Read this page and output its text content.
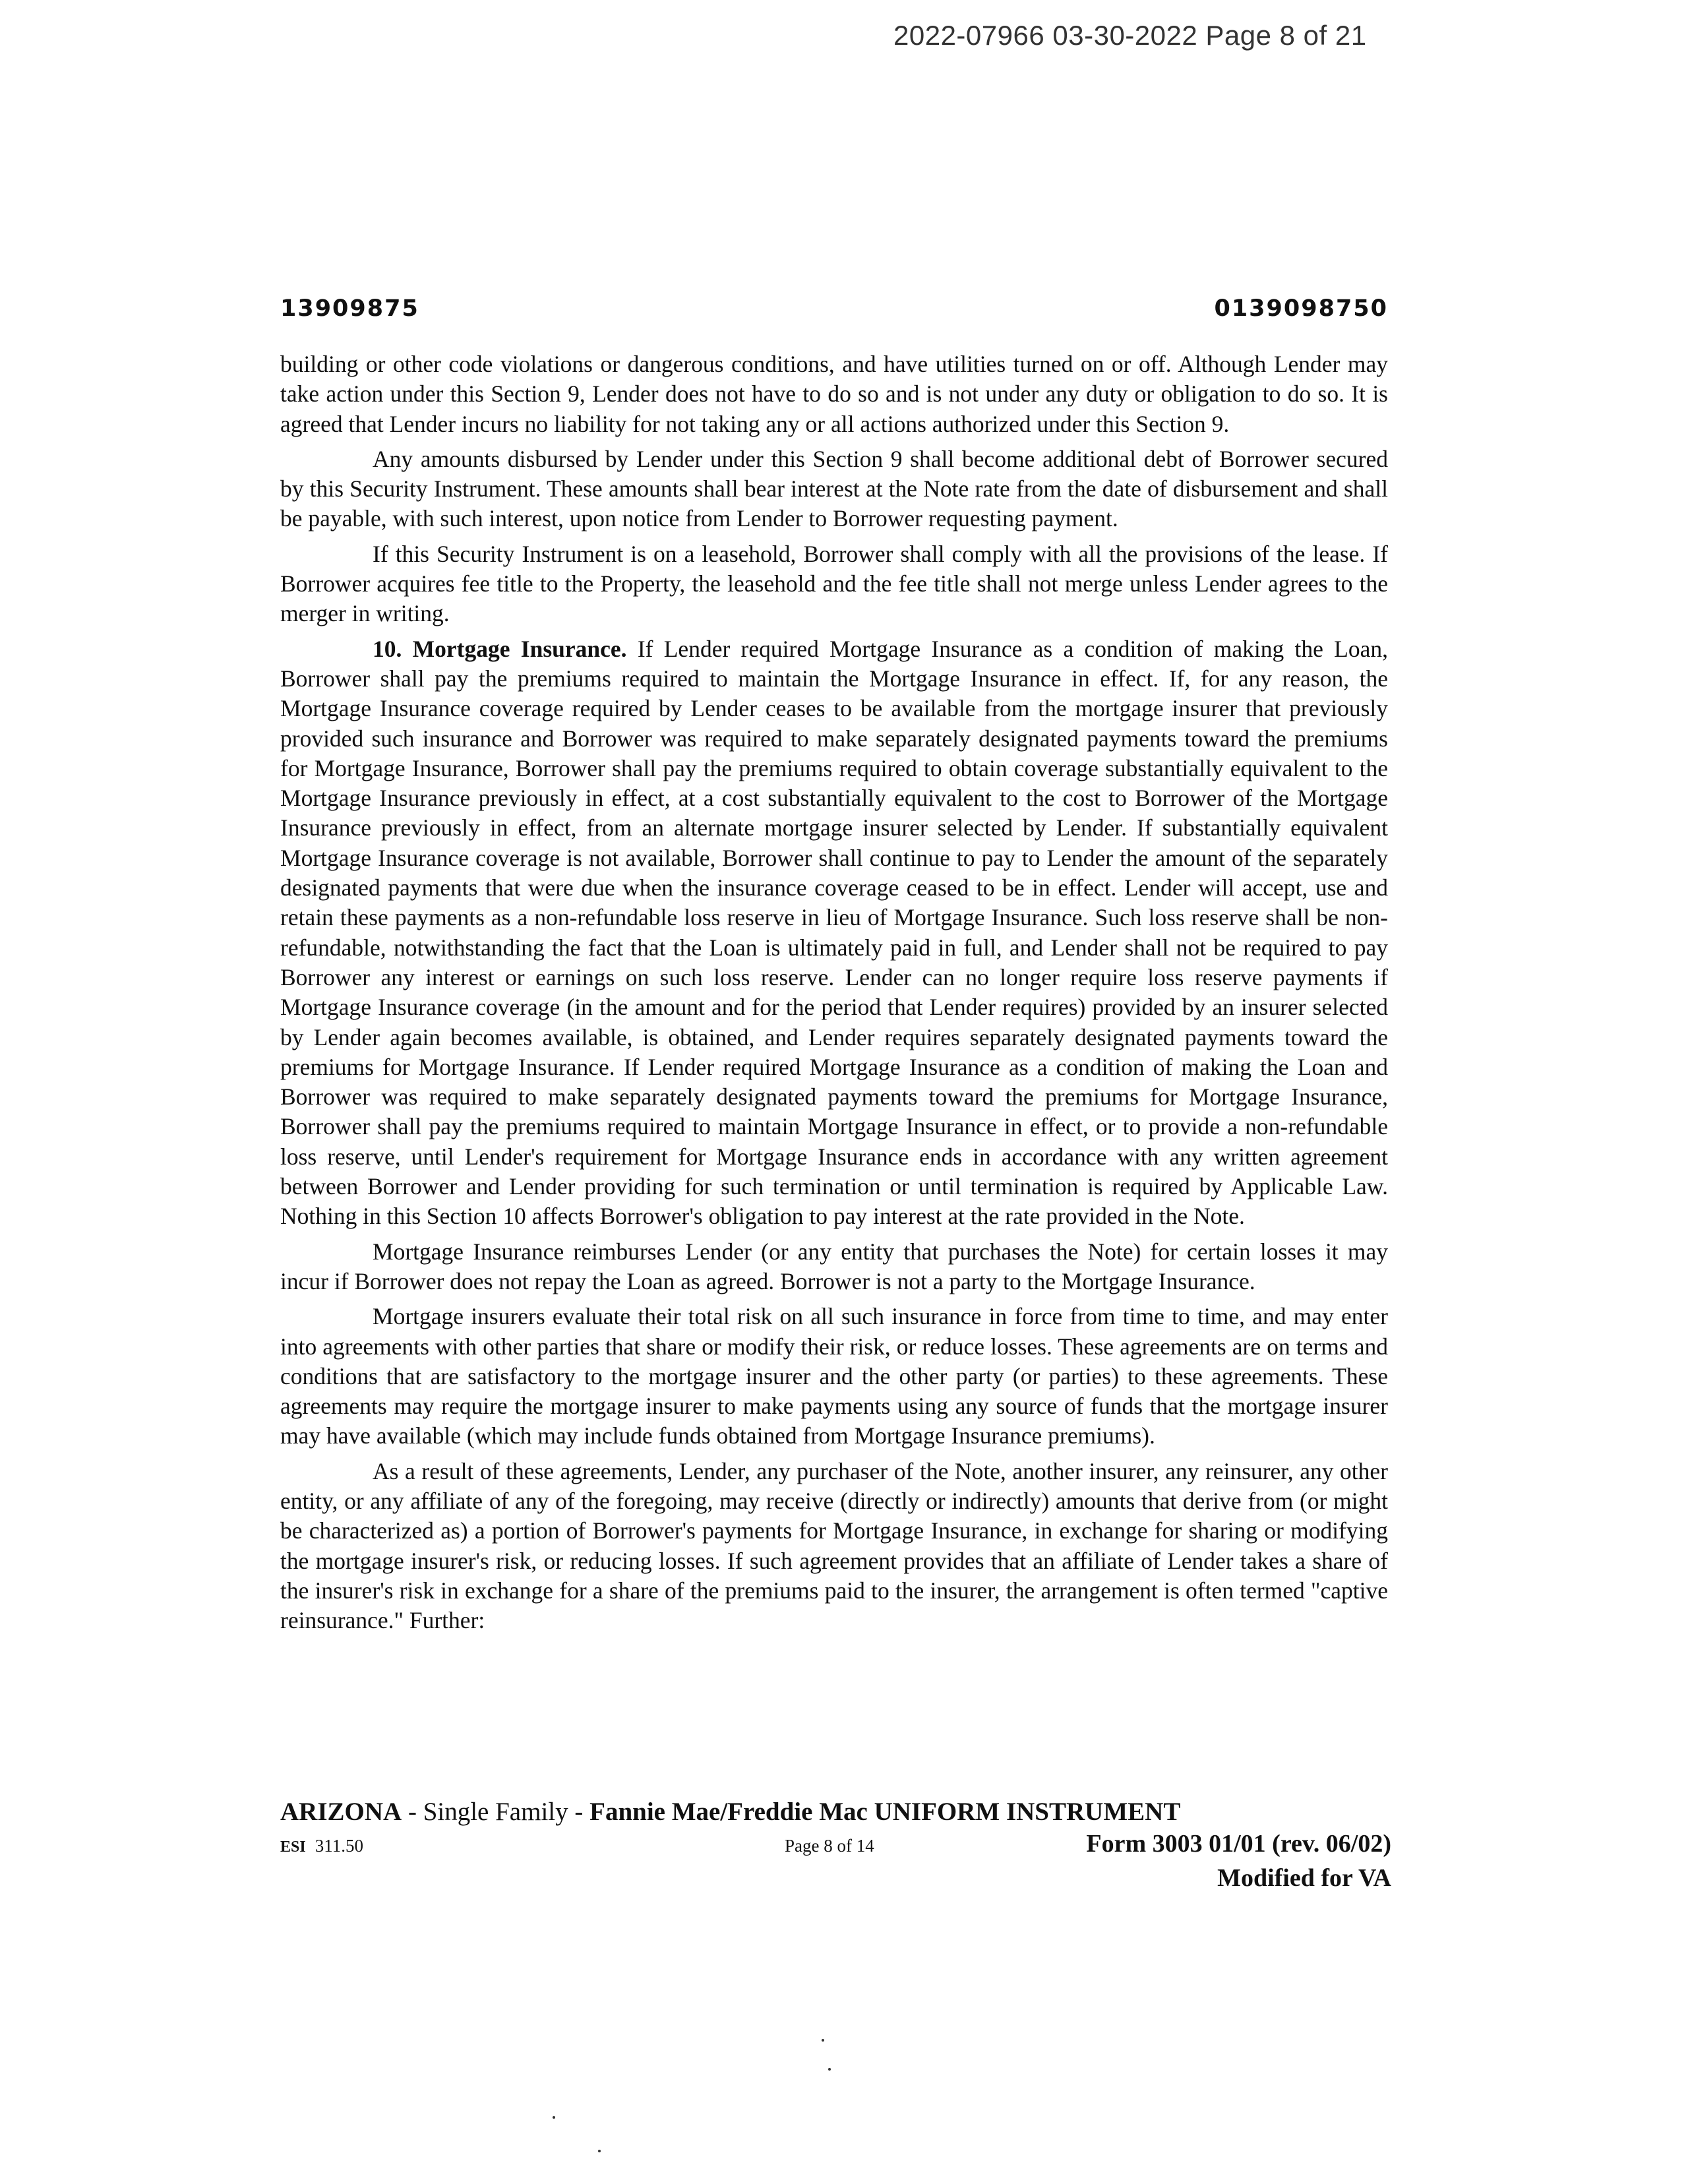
2022-07966 03-30-2022 Page 8 of 21
13909875	0139098750

building or other code violations or dangerous conditions, and have utilities turned on or off. Although Lender may take action under this Section 9, Lender does not have to do so and is not under any duty or obligation to do so. It is agreed that Lender incurs no liability for not taking any or all actions authorized under this Section 9.

Any amounts disbursed by Lender under this Section 9 shall become additional debt of Borrower secured by this Security Instrument. These amounts shall bear interest at the Note rate from the date of disbursement and shall be payable, with such interest, upon notice from Lender to Borrower requesting payment.

If this Security Instrument is on a leasehold, Borrower shall comply with all the provisions of the lease. If Borrower acquires fee title to the Property, the leasehold and the fee title shall not merge unless Lender agrees to the merger in writing.

10. Mortgage Insurance. If Lender required Mortgage Insurance as a condition of making the Loan, Borrower shall pay the premiums required to maintain the Mortgage Insurance in effect. If, for any reason, the Mortgage Insurance coverage required by Lender ceases to be available from the mortgage insurer that previously provided such insurance and Borrower was required to make separately designated payments toward the premiums for Mortgage Insurance, Borrower shall pay the premiums required to obtain coverage substantially equivalent to the Mortgage Insurance previously in effect, at a cost substantially equivalent to the cost to Borrower of the Mortgage Insurance previously in effect, from an alternate mortgage insurer selected by Lender. If substantially equivalent Mortgage Insurance coverage is not available, Borrower shall continue to pay to Lender the amount of the separately designated payments that were due when the insurance coverage ceased to be in effect. Lender will accept, use and retain these payments as a non-refundable loss reserve in lieu of Mortgage Insurance. Such loss reserve shall be non-refundable, notwithstanding the fact that the Loan is ultimately paid in full, and Lender shall not be required to pay Borrower any interest or earnings on such loss reserve. Lender can no longer require loss reserve payments if Mortgage Insurance coverage (in the amount and for the period that Lender requires) provided by an insurer selected by Lender again becomes available, is obtained, and Lender requires separately designated payments toward the premiums for Mortgage Insurance. If Lender required Mortgage Insurance as a condition of making the Loan and Borrower was required to make separately designated payments toward the premiums for Mortgage Insurance, Borrower shall pay the premiums required to maintain Mortgage Insurance in effect, or to provide a non-refundable loss reserve, until Lender's requirement for Mortgage Insurance ends in accordance with any written agreement between Borrower and Lender providing for such termination or until termination is required by Applicable Law. Nothing in this Section 10 affects Borrower's obligation to pay interest at the rate provided in the Note.

Mortgage Insurance reimburses Lender (or any entity that purchases the Note) for certain losses it may incur if Borrower does not repay the Loan as agreed. Borrower is not a party to the Mortgage Insurance.

Mortgage insurers evaluate their total risk on all such insurance in force from time to time, and may enter into agreements with other parties that share or modify their risk, or reduce losses. These agreements are on terms and conditions that are satisfactory to the mortgage insurer and the other party (or parties) to these agreements. These agreements may require the mortgage insurer to make payments using any source of funds that the mortgage insurer may have available (which may include funds obtained from Mortgage Insurance premiums).

As a result of these agreements, Lender, any purchaser of the Note, another insurer, any reinsurer, any other entity, or any affiliate of any of the foregoing, may receive (directly or indirectly) amounts that derive from (or might be characterized as) a portion of Borrower's payments for Mortgage Insurance, in exchange for sharing or modifying the mortgage insurer's risk, or reducing losses. If such agreement provides that an affiliate of Lender takes a share of the insurer's risk in exchange for a share of the premiums paid to the insurer, the arrangement is often termed "captive reinsurance." Further:

ARIZONA - Single Family - Fannie Mae/Freddie Mac UNIFORM INSTRUMENT
ESI 311.50	Page 8 of 14	Form 3003 01/01 (rev. 06/02)
Modified for VA
